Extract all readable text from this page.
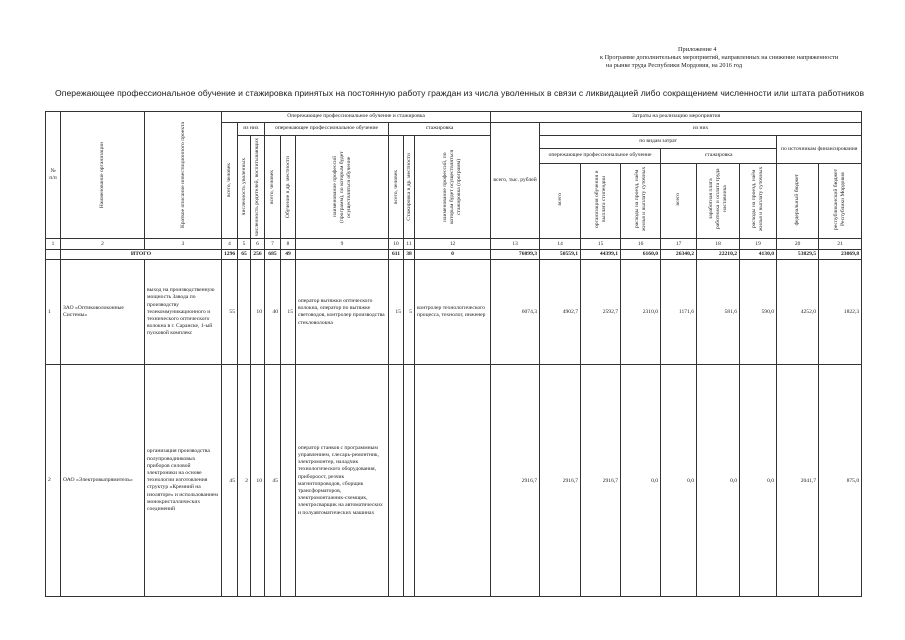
Приложение 4
к Программе дополнительных мероприятий, направленных на снижение напряженности
на рынке труда Республики Мордовия, на 2016 год
Опережающее профессиональное обучение и стажировка принятых на постоянную работу граждан из числа уволенных в связи с ликвидацией либо сокращением численности или штата работников
№ п/п	Наименование организации	Краткое описание инвестиционного проекта	Опережающее профессиональное обучение и стажировка									Затраты на реализацию мероприятия								

			всего, человек	из них		опережающее профессиональное обучение			стажировка			всего, тыс. рублей	из них							

				численность уволенных	численность родителей, воспитывающих	всего, человек	Обучение в др. местности	наименование профессий (программ), по которым будет осуществляться обучение	всего, человек	Стажировка в др. местности	наименование профессий, по которым будет осуществляться стажировка (программ)		по видам затрат						по источникам финансирования	
													опережающее профессиональное обучение			стажировка				
													всего	организация обучения и выплата стипендии	расходы на проезд, наём жилья и выплату суточных	всего	заработная плата работника и оплата труда наставника	расходы на проезд, наём жилья и выплату суточных	федеральный бюджет	республиканский бюджет Республики Мордовия
1	2	3	4	5	6	7	8	9	10	11	12	13	14	15	16	17	18	19	20	21
	ИТОГО		1296	65	256	685	49		611	38	0	76899,3	50559,1	44399,1	6160,0	26340,2	22210,2	4130,0	53829,5	23069,8
1	ЗАО «Оптиковолоконные Системы»	выход на производственную мощность Завода по производству телекоммуникационного и технического оптического волокна в г. Саранске, 1-ый пусковой комплекс	55		10	40	15	оператор вытяжки оптического волокна, оператор по вытяжке световодов, контролер производства стекловолокна	15	5	контролер технологического процесса, технолог, инженер	6074,3	4902,7	2592,7	2310,0	1171,6	581,6	590,0	4252,0	1822,3
2	ОАО «Электровыпрямитель»	организация производства полупроводниковых приборов силовой электроники на основе технологии изготовления структур «Кремний на изоляторе» и использованием монокристаллических соединений	45	2	10	45		оператор станков с программным управлением, слесарь-ремонтник, электромонтер, наладчик технологического оборудования, прибороост, резчик магнитопроводов, сборщик трансформаторов, электромонтажник-схемщик, электросварщик на автоматических и полуавтоматических машинах				2916,7	2916,7	2916,7	0,0	0,0	0,0	0,0	2041,7	875,0
